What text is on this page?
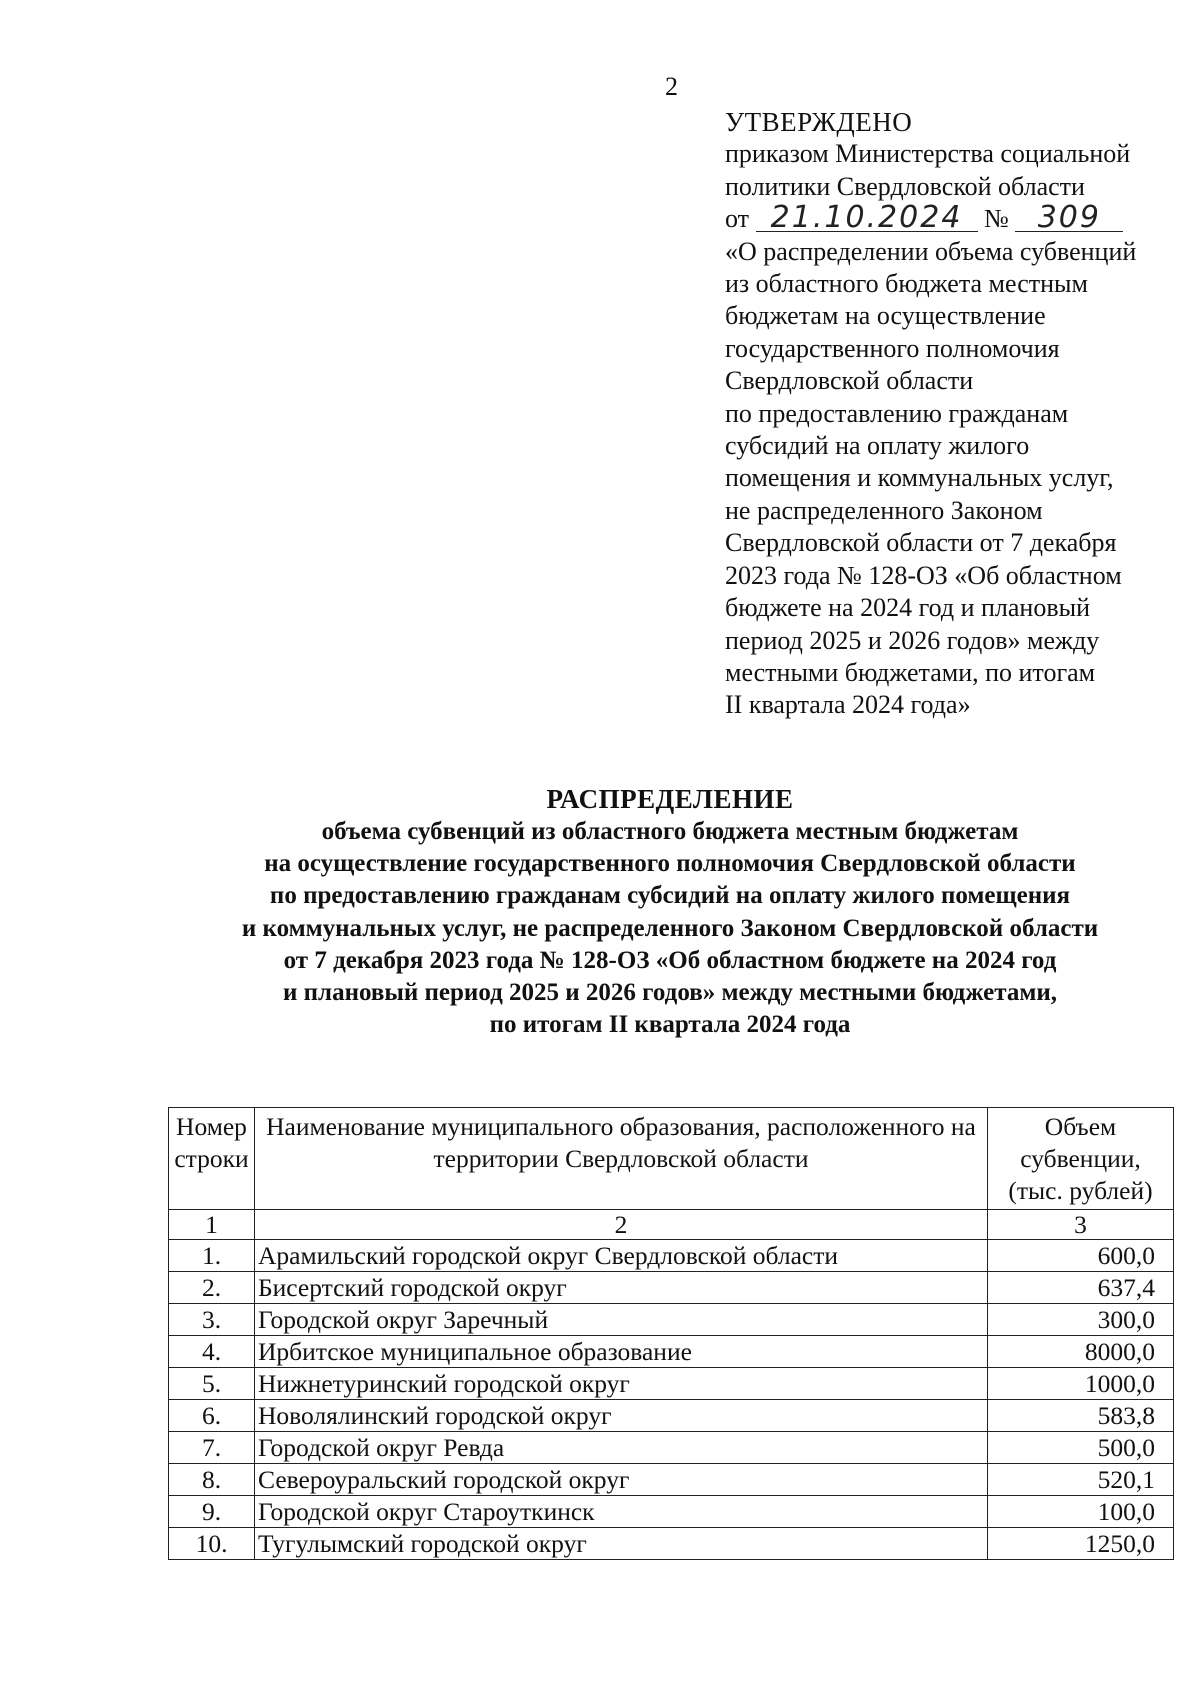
2
УТВЕРЖДЕНО
приказом Министерства социальной
политики Свердловской области
от 21.10.2024 № 309
«О распределении объема субвенций
из областного бюджета местным
бюджетам на осуществление
государственного полномочия
Свердловской области
по предоставлению гражданам
субсидий на оплату жилого
помещения и коммунальных услуг,
не распределенного Законом
Свердловской области от 7 декабря
2023 года № 128-ОЗ «Об областном
бюджете на 2024 год и плановый
период 2025 и 2026 годов» между
местными бюджетами, по итогам
II квартала 2024 года»
РАСПРЕДЕЛЕНИЕ
объема субвенций из областного бюджета местным бюджетам
на осуществление государственного полномочия Свердловской области
по предоставлению гражданам субсидий на оплату жилого помещения
и коммунальных услуг, не распределенного Законом Свердловской области
от 7 декабря 2023 года № 128-ОЗ «Об областном бюджете на 2024 год
и плановый период 2025 и 2026 годов» между местными бюджетами,
по итогам II квартала 2024 года
Номер строки	Наименование муниципального образования, расположенного на территории Свердловской области	Объем субвенции, (тыс. рублей)
1	2	3
1.	Арамильский городской округ Свердловской области	600,0
2.	Бисертский городской округ	637,4
3.	Городской округ Заречный	300,0
4.	Ирбитское муниципальное образование	8000,0
5.	Нижнетуринский городской округ	1000,0
6.	Новолялинский городской округ	583,8
7.	Городской округ Ревда	500,0
8.	Североуральский городской округ	520,1
9.	Городской округ Староуткинск	100,0
10.	Тугулымский городской округ	1250,0
